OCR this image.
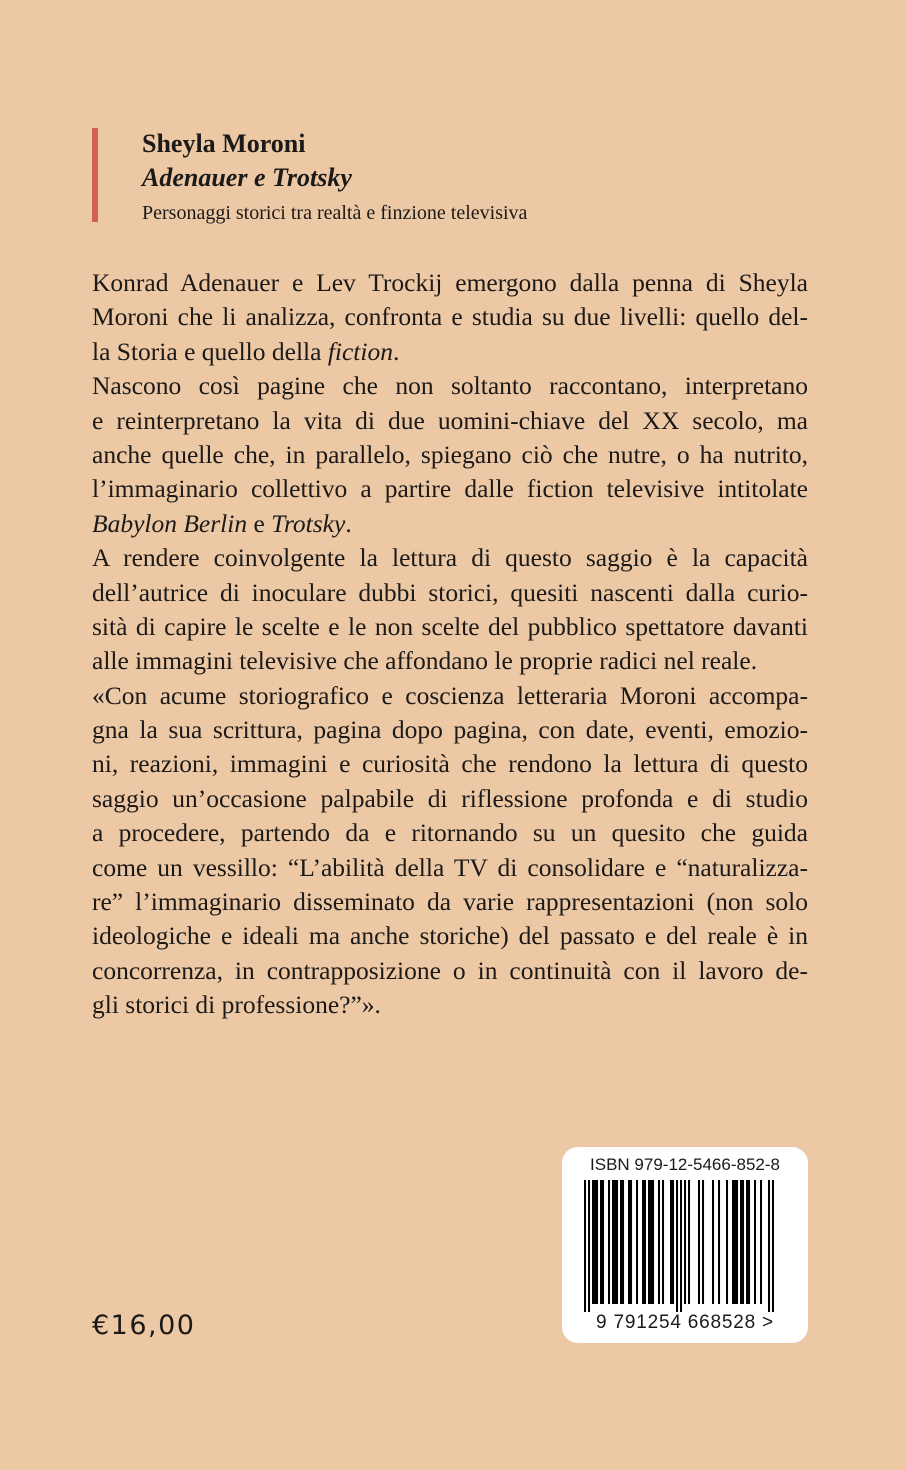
Sheyla Moroni
Adenauer e Trotsky
Personaggi storici tra realtà e finzione televisiva
Konrad Adenauer e Lev Trockij emergono dalla penna di Sheyla
Moroni che li analizza, confronta e studia su due livelli: quello del-
la Storia e quello della fiction.
Nascono così pagine che non soltanto raccontano, interpretano
e reinterpretano la vita di due uomini-chiave del XX secolo, ma
anche quelle che, in parallelo, spiegano ciò che nutre, o ha nutrito,
l’immaginario collettivo a partire dalle fiction televisive intitolate
Babylon Berlin e Trotsky.
A rendere coinvolgente la lettura di questo saggio è la capacità
dell’autrice di inoculare dubbi storici, quesiti nascenti dalla curio-
sità di capire le scelte e le non scelte del pubblico spettatore davanti
alle immagini televisive che affondano le proprie radici nel reale.
«Con acume storiografico e coscienza letteraria Moroni accompa-
gna la sua scrittura, pagina dopo pagina, con date, eventi, emozio-
ni, reazioni, immagini e curiosità che rendono la lettura di questo
saggio un’occasione palpabile di riflessione profonda e di studio
a procedere, partendo da e ritornando su un quesito che guida
come un vessillo: “L’abilità della TV di consolidare e “naturalizza-
re” l’immaginario disseminato da varie rappresentazioni (non solo
ideologiche e ideali ma anche storiche) del passato e del reale è in
concorrenza, in contrapposizione o in continuità con il lavoro de-
gli storici di professione?”».
€16,00
ISBN 979-12-5466-852-8
9 791254 668528 >
